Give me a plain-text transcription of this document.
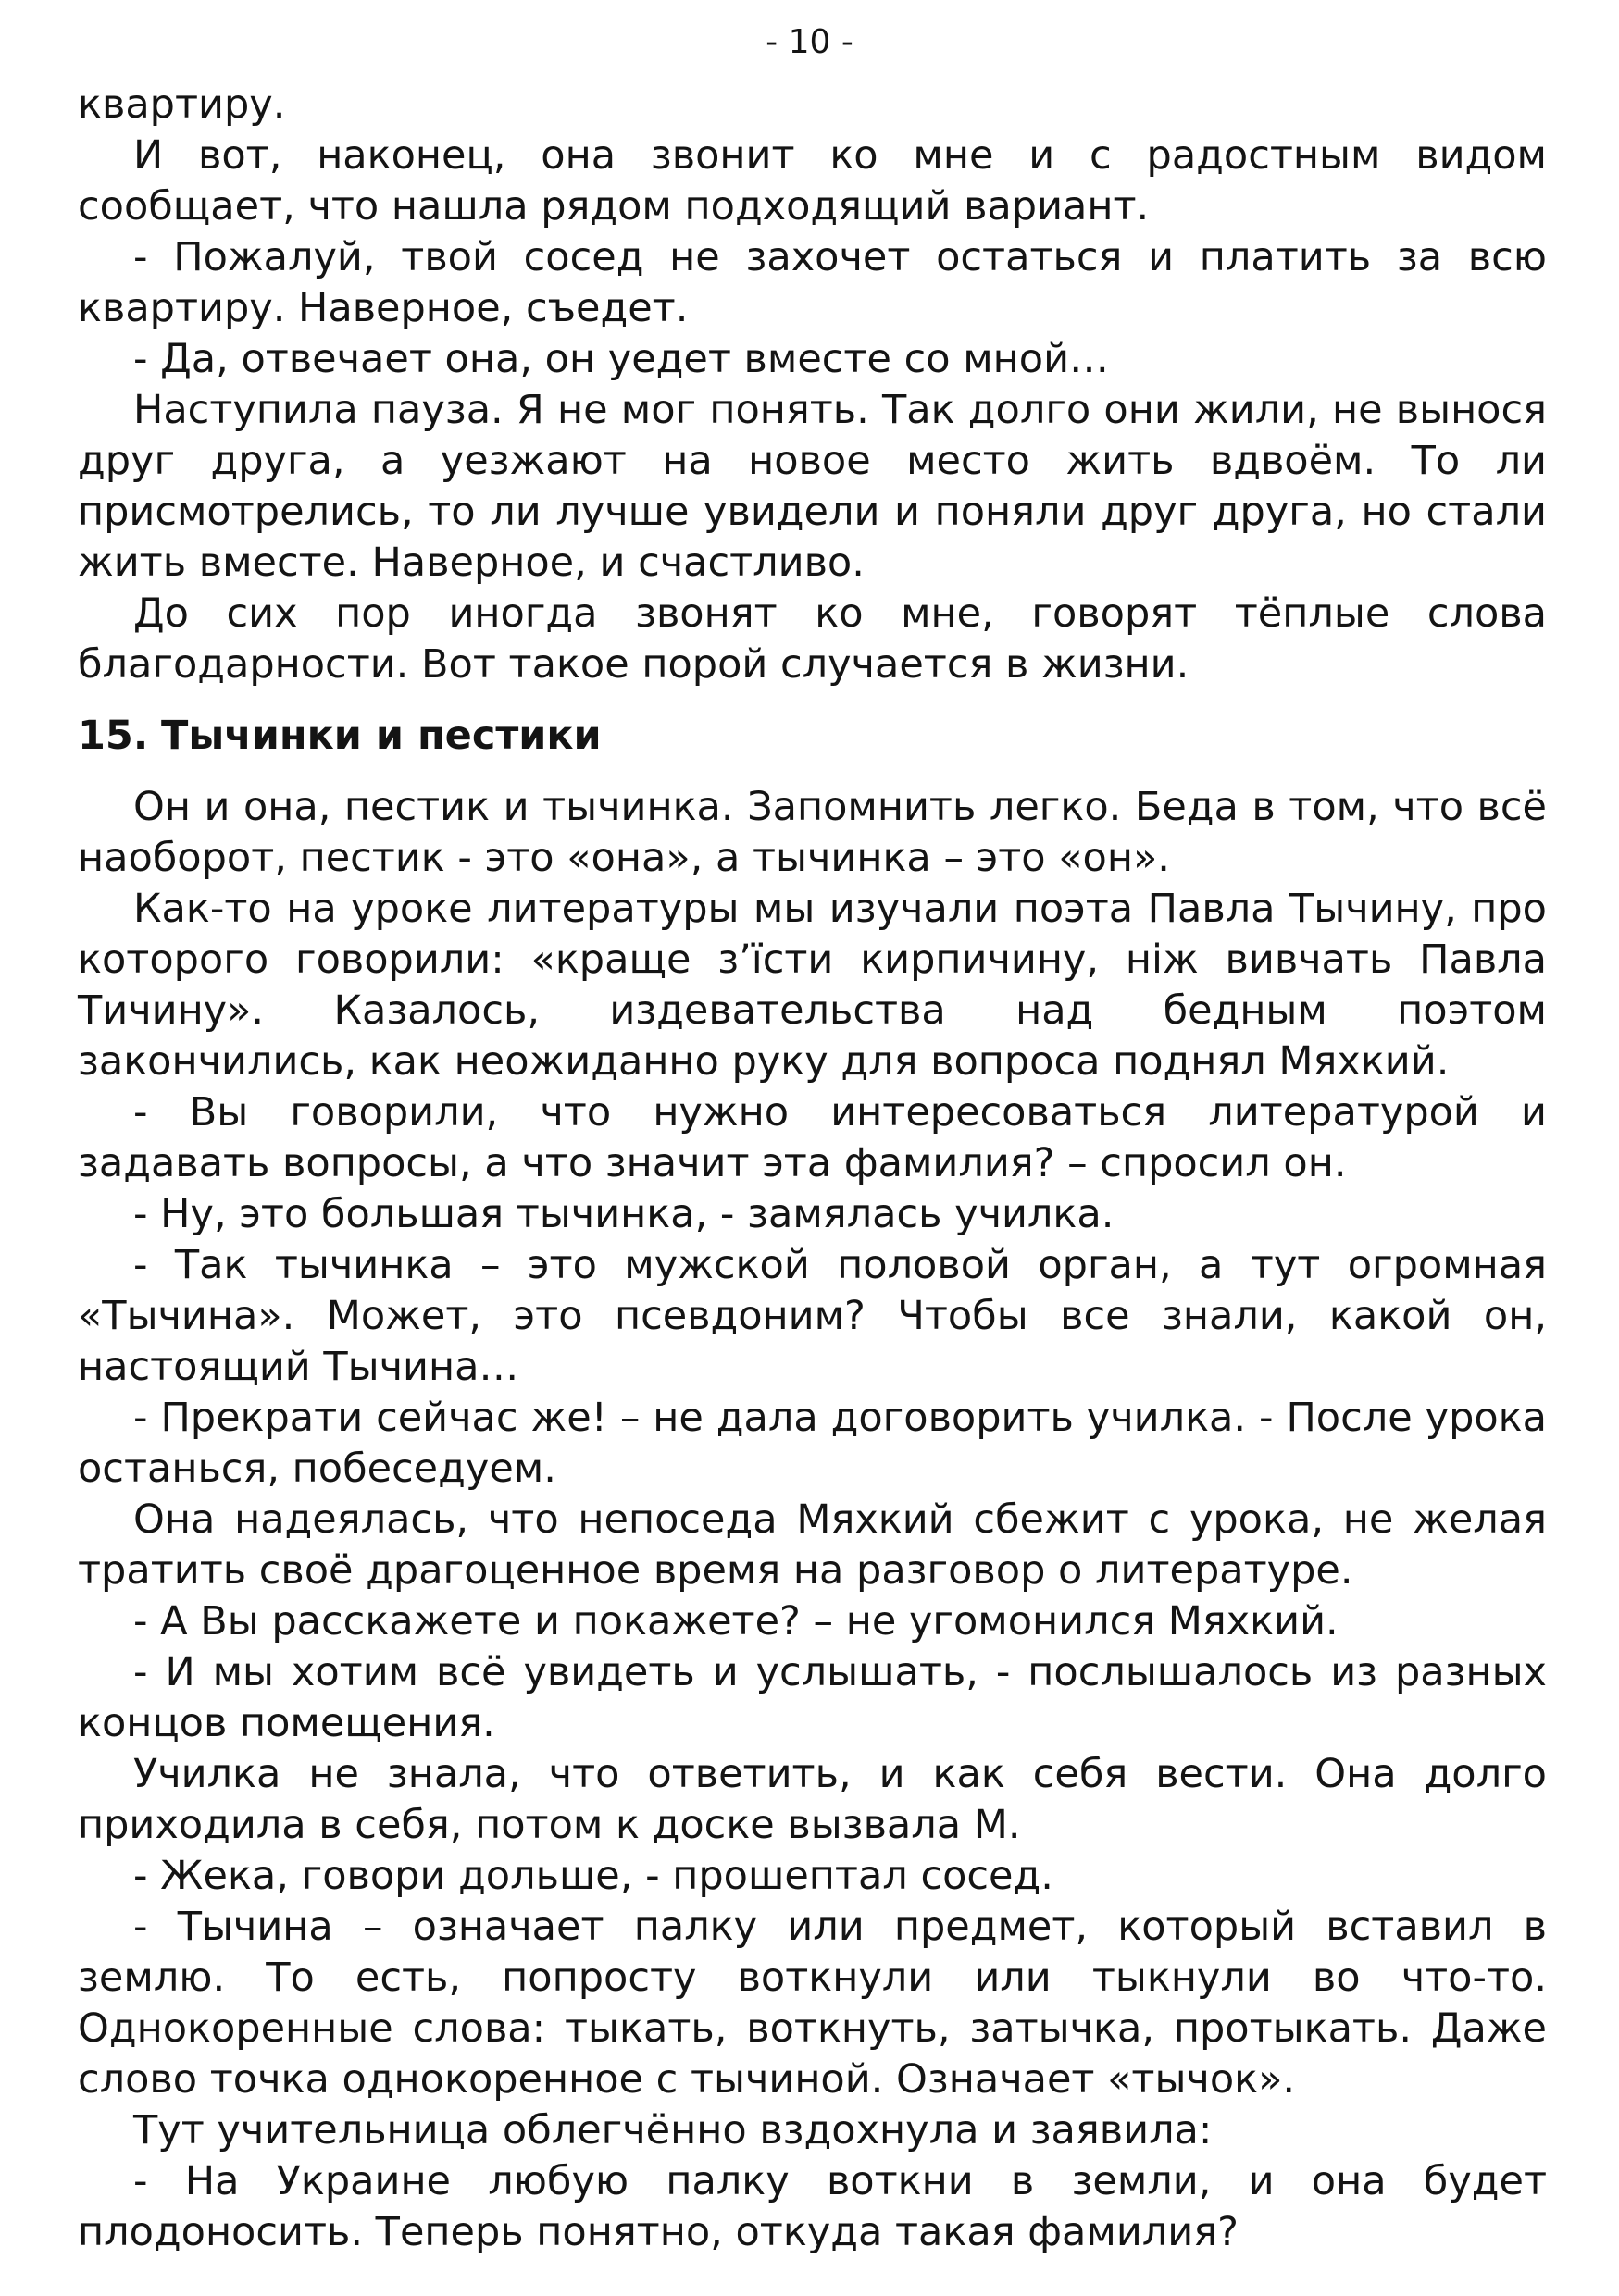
- 10 -

квартиру.

И вот, наконец, она звонит ко мне и с радостным видом сообщает, что нашла рядом подходящий вариант.

- Пожалуй, твой сосед не захочет остаться и платить за всю квартиру. Наверное, съедет.

- Да, отвечает она, он уедет вместе со мной…

Наступила пауза. Я не мог понять. Так долго они жили, не вынося друг друга, а уезжают на новое место жить вдвоём. То ли присмотрелись, то ли лучше увидели и поняли друг друга, но стали жить вместе. Наверное, и счастливо.

До сих пор иногда звонят ко мне, говорят тёплые слова благодарности. Вот такое порой случается в жизни.

15. Тычинки и пестики

Он и она, пестик и тычинка. Запомнить легко. Беда в том, что всё наоборот, пестик - это «она», а тычинка – это «он».

Как-то на уроке литературы мы изучали поэта Павла Тычину, про которого говорили: «краще з’їсти кирпичину, ніж вивчать Павла Тичину». Казалось, издевательства над бедным поэтом закончились, как неожиданно руку для вопроса поднял Мяхкий.

- Вы говорили, что нужно интересоваться литературой и задавать вопросы, а что значит эта фамилия? – спросил он.

- Ну, это большая тычинка, - замялась училка.

- Так тычинка – это мужской половой орган, а тут огромная «Тычина». Может, это псевдоним? Чтобы все знали, какой он, настоящий Тычина…

- Прекрати сейчас же! – не дала договорить училка. - После урока останься, побеседуем.

Она надеялась, что непоседа Мяхкий сбежит с урока, не желая тратить своё драгоценное время на разговор о литературе.

- А Вы расскажете и покажете? – не угомонился Мяхкий.

- И мы хотим всё увидеть и услышать, - послышалось из разных концов помещения.

Училка не знала, что ответить, и как себя вести. Она долго приходила в себя, потом к доске вызвала М.

- Жека, говори дольше, - прошептал сосед.

- Тычина – означает палку или предмет, который вставил в землю. То есть, попросту воткнули или тыкнули во что-то. Однокоренные слова: тыкать, воткнуть, затычка, протыкать. Даже слово точка однокоренное с тычиной. Означает «тычок».

Тут учительница облегчённо вздохнула и заявила:

- На Украине любую палку воткни в земли, и она будет плодоносить. Теперь понятно, откуда такая фамилия?
